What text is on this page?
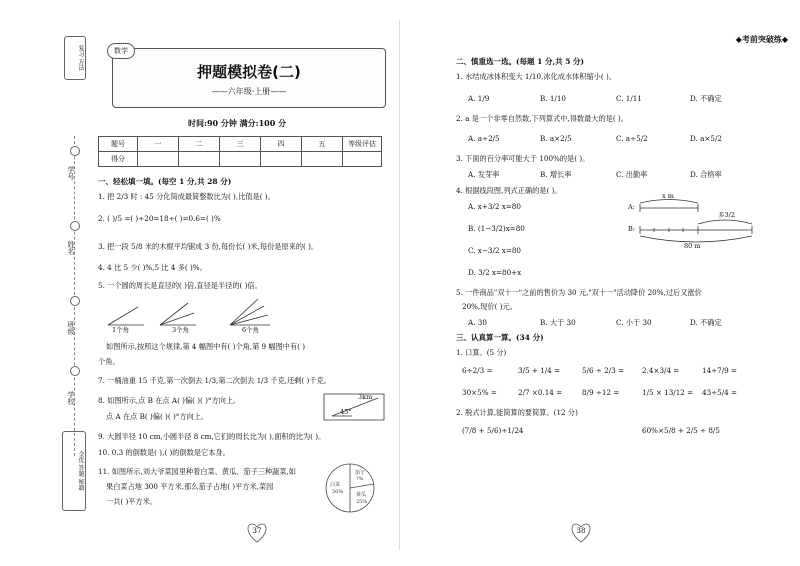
复习 方法
学号
姓名
班级
学校
全优 答题 秘籍
数学
押题模拟卷(二)
——六年级·上册——
时间:90 分钟 满分:100 分
题号	一	二	三	四	五	等级评估
得分						
一、轻松填一填。(每空 1 分,共 28 分)
1. 把 2/3 时 : 45 分化简成最简整数比为( ),比值是( )。
2. ( )/5 =( )÷20=18÷( )=0.6=( )%
3. 把一段 5/8 米的木棍平均锯成 3 份,每份长( )米,每份是原来的( )。
4. 4 比 5 少( )%,5 比 4 多( )%。
5. 一个圆的周长是直径的( )倍,直径是半径的( )倍。
1个角	3个角	6个角
如图所示,按照这个规律,第 4 幅图中有( )个角,第 9 幅图中有( )
个角。
7. 一桶油重 15 千克,第一次倒去 1/3,第二次倒去 1/3 千克,还剩( )千克。
8. 如图所示,点 B 在点 A( )偏( )( )°方向上,
点 A 在点 B( )偏( )( )°方向上。	45°
3km
9. 大圆半径 10 cm,小圆半径 8 cm,它们的周长比为( ),面积的比为( )。
10. 0.3 的倒数是( ),( )的倒数是它本身。
11. 如图所示,刘大爷菜园里种着白菜、黄瓜、茄子三种蔬菜,如
果白菜占地 300 平方米,那么茄子占地( )平方米,菜园
一共( )平方米。
白菜
50%
茄子
?%
黄瓜
25%
37
◆考前突破练◆
二、慎重选一选。(每题 1 分,共 5 分)
1. 水结成冰体积变大 1/10,冰化成水体积缩小( )。
A. 1/9	B. 1/10	C. 1/11	D. 不确定
2. a 是一个非零自然数,下列算式中,得数最大的是( )。
A. a÷2/5	B. a×2/5	C. a÷5/2	D. a×5/2
3. 下面的百分率可能大于 100%的是( )。
A. 发芽率	B. 增长率	C. 出勤率	D. 合格率
4. 根据线段图,列式正确的是( )。
A. x+3/2 x=80
B. (1−3/2)x=80
C. x−3/2 x=80
D. 3/2 x=80+x
A:
B:
x m
多3/2
80 m
5. 一件商品"双十一"之前的售价为 30 元,"双十一"活动降价 20%,过后又涨价
20%,现价( )元。
A. 30	B. 大于 30	C. 小于 30	D. 不确定
三、认真算一算。(34 分)
1. 口算。(5 分)
6÷2/3 =	3/5 + 1/4 =	5/6 ÷ 2/3 = 2.4×3/4 =	14÷7/9 =
30×5% =	2/7 ×0.14 =	8/9 ÷12 =	1/5 × 13/12 = 43÷5/4 =
2. 脱式计算,能简算的要简算。(12 分)
(7/8 + 5/6)÷1/24	60%×5/8 + 2/5 ÷ 8/5
38
